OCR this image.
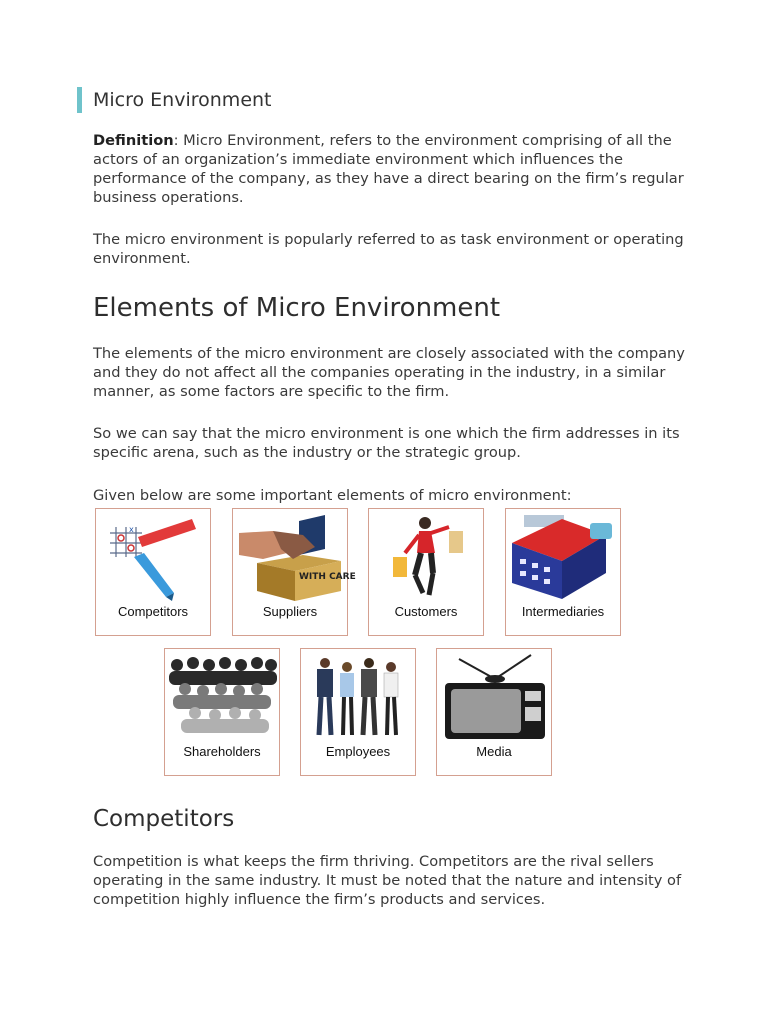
Micro Environment

Definition: Micro Environment, refers to the environment comprising of all the actors of an organization’s immediate environment which influences the performance of the company, as they have a direct bearing on the firm’s regular business operations.

The micro environment is popularly referred to as task environment or operating environment.

Elements of Micro Environment

The elements of the micro environment are closely associated with the company and they do not affect all the companies operating in the industry, in a similar manner, as some factors are specific to the firm.

So we can say that the micro environment is one which the firm addresses in its specific arena, such as the industry or the strategic group.

Given below are some important elements of micro environment:

x
Competitors
WITH CARE
Suppliers	Customers	Intermediaries
Shareholders	Employees	Media
Competitors

Competition is what keeps the firm thriving. Competitors are the rival sellers operating in the same industry. It must be noted that the nature and intensity of competition highly influence the firm’s products and services.
